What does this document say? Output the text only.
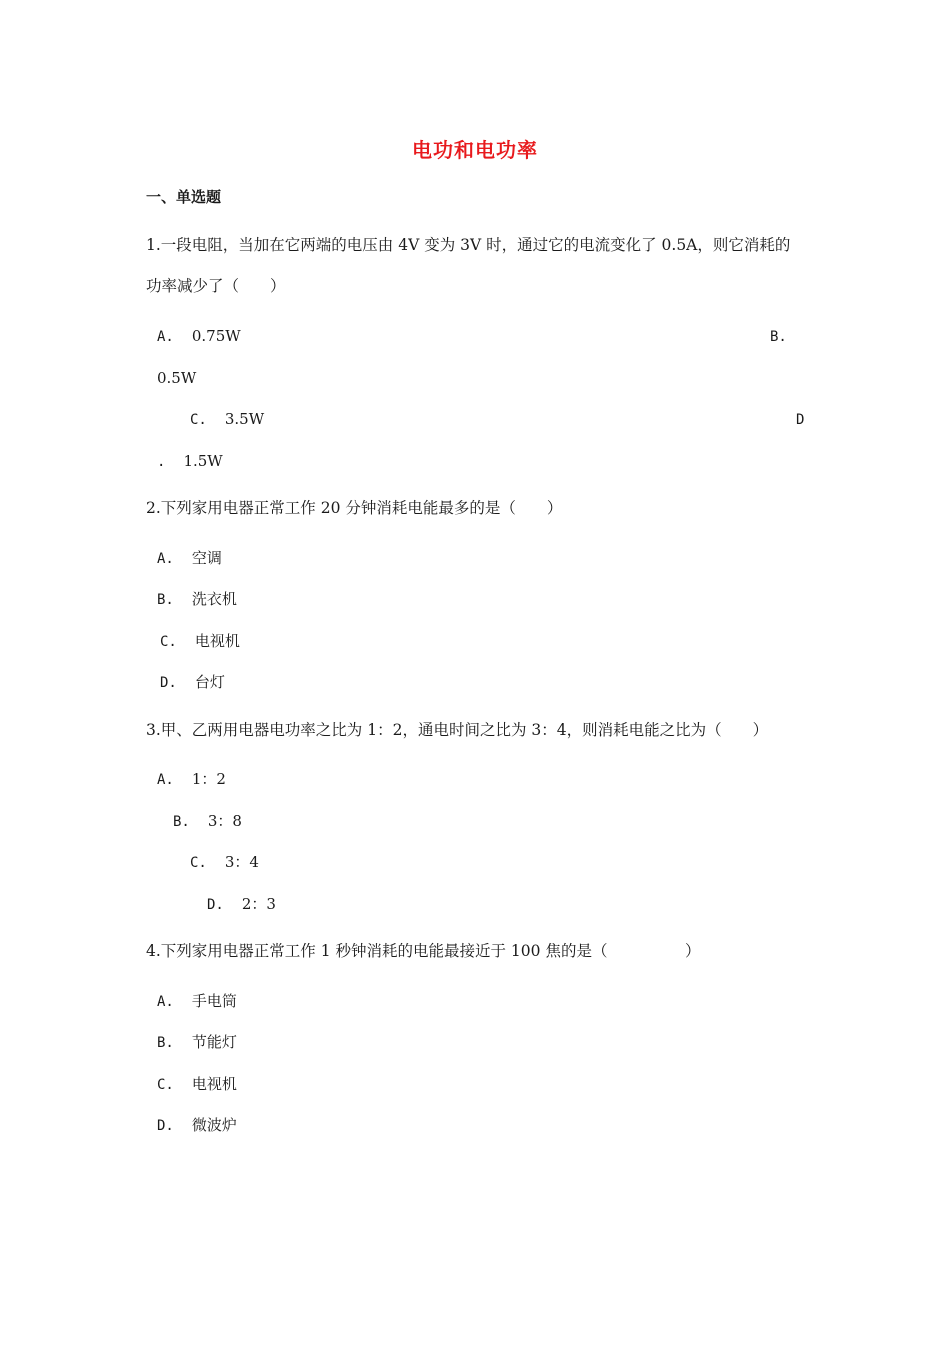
电功和电功率
一、单选题
1.一段电阻，当加在它两端的电压由 4V 变为 3V 时，通过它的电流变化了 0.5A，则它消耗的
功率减少了（　　）
A. 0.75W	B.
0.5W
C. 3.5W	D
. 1.5W
2.下列家用电器正常工作 20 分钟消耗电能最多的是（　　）
A. 空调
B. 洗衣机
C. 电视机
D. 台灯
3.甲、乙两用电器电功率之比为 1：2，通电时间之比为 3：4，则消耗电能之比为（　　）
A. 1：2
B. 3：8
C. 3：4
D. 2：3
4.下列家用电器正常工作 1 秒钟消耗的电能最接近于 100 焦的是（　　　　　）
A. 手电筒
B. 节能灯
C. 电视机
D. 微波炉
